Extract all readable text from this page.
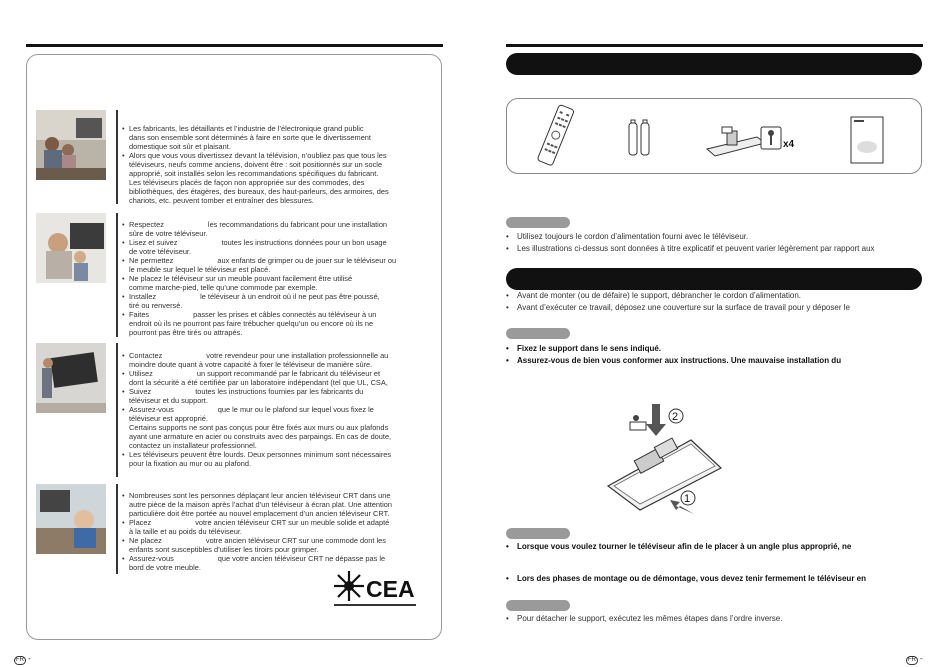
• Les fabricants, les détaillants et l’industrie de l’électronique grand public

dans son ensemble sont déterminés à faire en sorte que le divertissement

domestique soit sûr et plaisant.

• Alors que vous vous divertissez devant la télévision, n’oubliez pas que tous les

téléviseurs, neufs comme anciens, doivent être : soit positionnés sur un socle

approprié, soit installés selon les recommandations spécifiques du fabricant.

Les téléviseurs placés de façon non appropriée sur des commodes, des

bibliothèques, des étagères, des bureaux, des haut-parleurs, des armoires, des

chariots, etc. peuvent tomber et entraîner des blessures.

• Respectez	les recommandations du fabricant pour une installation

sûre de votre téléviseur.

• Lisez et suivez	toutes les instructions données pour un bon usage

de votre téléviseur.

• Ne permettez	aux enfants de grimper ou de jouer sur le téléviseur ou

le meuble sur lequel le téléviseur est placé.

• Ne placez le téléviseur sur un meuble pouvant facilement être utilisé

comme marche-pied, telle qu’une commode par exemple.

• Installez	le téléviseur à un endroit où il ne peut pas être poussé,

tiré ou renversé.

• Faites	passer les prises et câbles connectés au téléviseur à un

endroit où ils ne pourront pas faire trébucher quelqu’un ou encore où ils ne

pourront pas être tirés ou attrapés.

• Contactez	votre revendeur pour une installation professionnelle au

moindre doute quant à votre capacité à fixer le téléviseur de manière sûre.

• Utilisez	un support recommandé par le fabricant du téléviseur et

dont la sécurité a été certifiée par un laboratoire indépendant (tel que UL, CSA,

• Suivez	toutes les instructions fournies par les fabricants du

téléviseur et du support.

• Assurez-vous	que le mur ou le plafond sur lequel vous fixez le

téléviseur est approprié.

Certains supports ne sont pas conçus pour être fixés aux murs ou aux plafonds

ayant une armature en acier ou construits avec des parpaings. En cas de doute,

contactez un installateur professionnel.

• Les téléviseurs peuvent être lourds. Deux personnes minimum sont nécessaires

pour la fixation au mur ou au plafond.

• Nombreuses sont les personnes déplaçant leur ancien téléviseur CRT dans une

autre pièce de la maison après l’achat d’un téléviseur à écran plat. Une attention

particulière doit être portée au nouvel emplacement d’un ancien téléviseur CRT.

• Placez	votre ancien téléviseur CRT sur un meuble solide et adapté

à la taille et au poids du téléviseur.

• Ne placez	votre ancien téléviseur CRT sur une commode dont les

enfants sont susceptibles d’utiliser les tiroirs pour grimper.

• Assurez-vous	que votre ancien téléviseur CRT ne dépasse pas le

bord de votre meuble.

CEA
FR -
x4

• Utilisez toujours le cordon d’alimentation fourni avec le téléviseur.

• Les illustrations ci-dessus sont données à titre explicatif et peuvent varier légèrement par rapport aux

• Avant de monter (ou de défaire) le support, débrancher le cordon d’alimentation.

• Avant d’exécuter ce travail, déposez une couverture sur la surface de travail pour y déposer le

• Fixez le support dans le sens indiqué.

• Assurez-vous de bien vous conformer aux instructions. Une mauvaise installation du

2
1

• Lorsque vous voulez tourner le téléviseur afin de le placer à un angle plus approprié, ne

• Lors des phases de montage ou de démontage, vous devez tenir fermement le téléviseur en

• Pour détacher le support, exécutez les mêmes étapes dans l’ordre inverse.

FR -
